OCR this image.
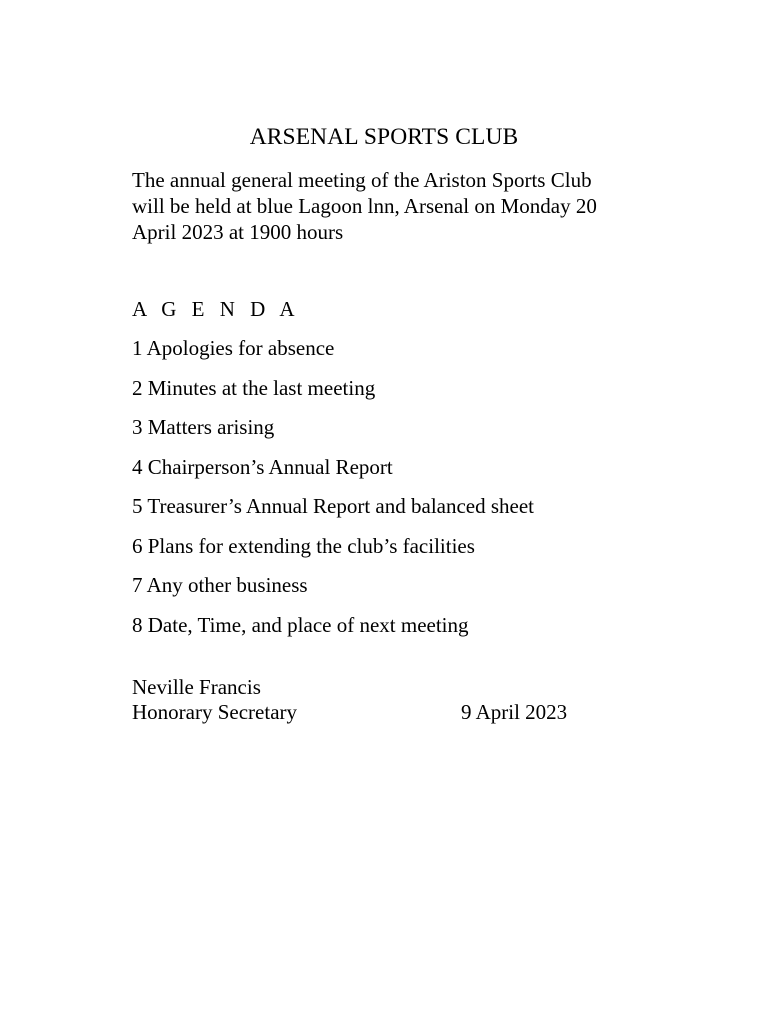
ARSENAL SPORTS CLUB
The annual general meeting of the Ariston Sports Club
will be held at blue Lagoon lnn, Arsenal on Monday 20
April 2023 at 1900 hours
A G E N D A
1 Apologies for absence
2 Minutes at the last meeting
3 Matters arising
4 Chairperson’s Annual Report
5 Treasurer’s Annual Report and balanced sheet
6 Plans for extending the club’s facilities
7 Any other business
8 Date, Time, and place of next meeting
Neville Francis
Honorary Secretary	9 April 2023
